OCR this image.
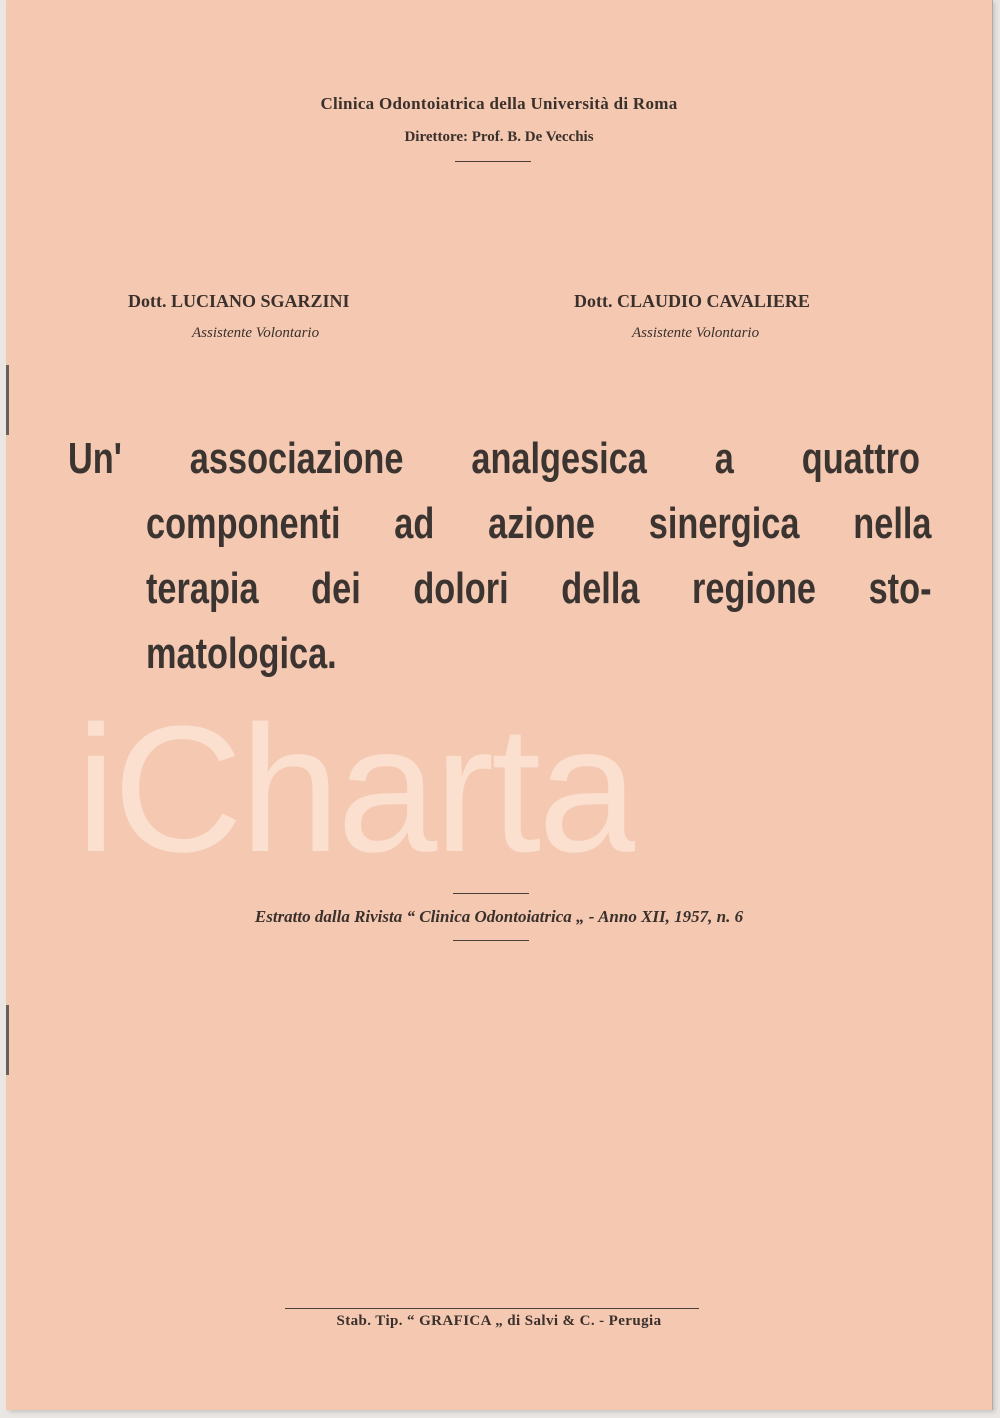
iCharta
Clinica Odontoiatrica della Università di Roma
Direttore: Prof. B. De Vecchis
Dott. LUCIANO SGARZINI
Assistente Volontario
Dott. CLAUDIO CAVALIERE
Assistente Volontario
Un' associazione analgesica a quattro
componenti ad azione sinergica nella
terapia dei dolori della regione sto-
matologica.
Estratto dalla Rivista “ Clinica Odontoiatrica „ - Anno XII, 1957, n. 6
Stab. Tip. “ GRAFICA „ di Salvi & C. - Perugia
